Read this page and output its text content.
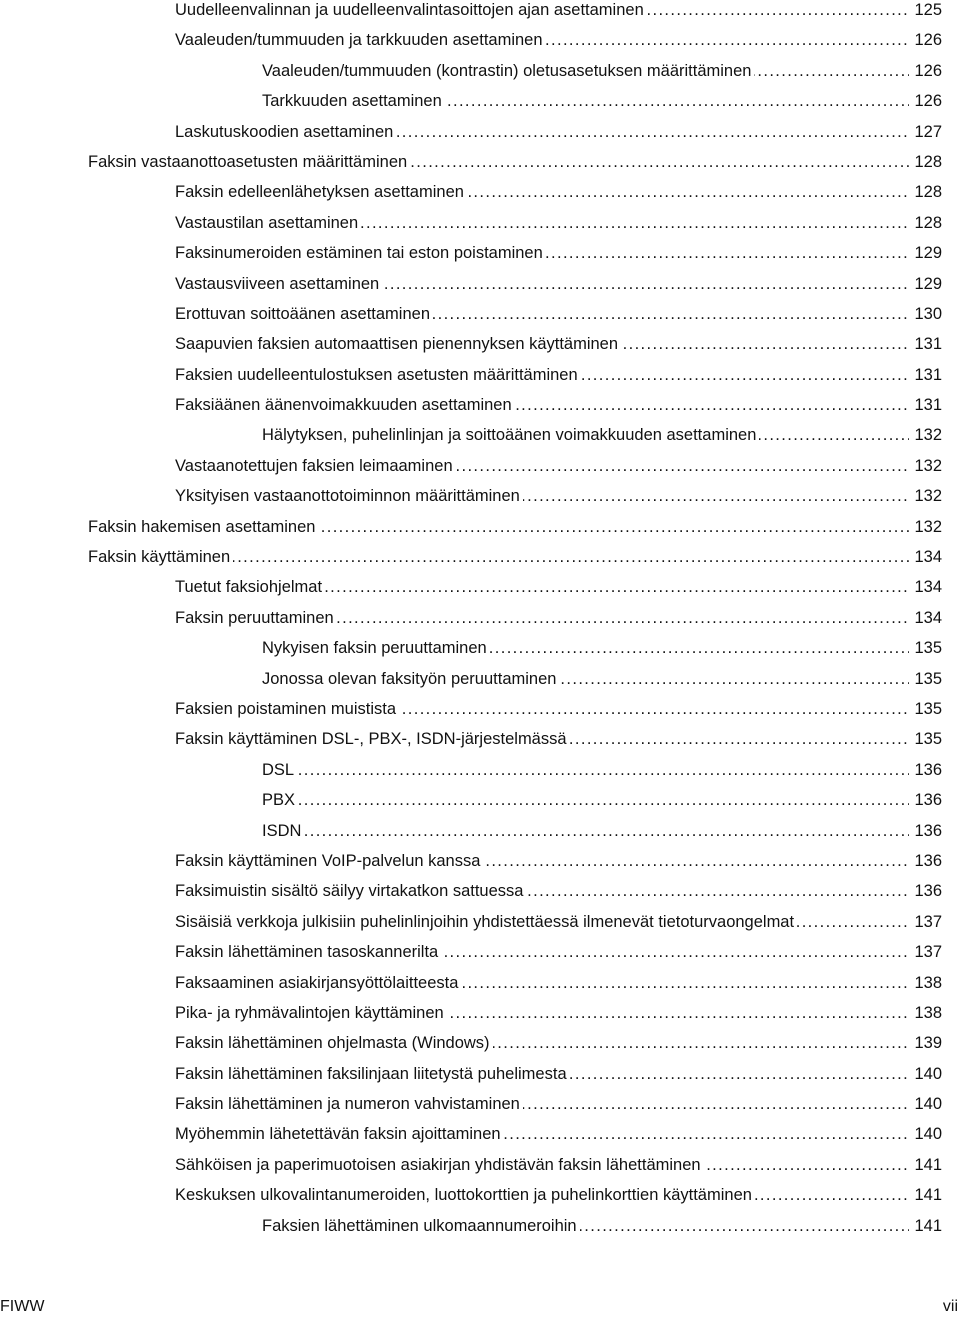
. . .
Uudelleenvalinnan ja uudelleenvalintasoittojen ajan asettaminen	125
. . .
Vaaleuden/tummuuden ja tarkkuuden asettaminen	126
. . .
Vaaleuden/tummuuden (kontrastin) oletusasetuksen määrittäminen	126
. . .
Tarkkuuden asettaminen	126
. . .
Laskutuskoodien asettaminen	127
. . .
Faksin vastaanottoasetusten määrittäminen	128
. . .
Faksin edelleenlähetyksen asettaminen	128
. . .
Vastaustilan asettaminen	128
. . .
Faksinumeroiden estäminen tai eston poistaminen	129
. . .
Vastausviiveen asettaminen	129
. . .
Erottuvan soittoäänen asettaminen	130
. . .
Saapuvien faksien automaattisen pienennyksen käyttäminen	131
. . .
Faksien uudelleentulostuksen asetusten määrittäminen	131
. . .
Faksiäänen äänenvoimakkuuden asettaminen	131
. . .
Hälytyksen, puhelinlinjan ja soittoäänen voimakkuuden asettaminen	132
. . .
Vastaanotettujen faksien leimaaminen	132
. . .
Yksityisen vastaanottotoiminnon määrittäminen	132
. . .
Faksin hakemisen asettaminen	132
. . .
Faksin käyttäminen	134
. . .
Tuetut faksiohjelmat	134
. . .
Faksin peruuttaminen	134
. . .
Nykyisen faksin peruuttaminen	135
. . .
Jonossa olevan faksityön peruuttaminen	135
. . .
Faksien poistaminen muistista	135
. . .
Faksin käyttäminen DSL-, PBX-, ISDN-järjestelmässä	135
. . .
DSL	136
. . .
PBX	136
. . .
ISDN	136
. . .
Faksin käyttäminen VoIP-palvelun kanssa	136
. . .
Faksimuistin sisältö säilyy virtakatkon sattuessa	136
. . .
Sisäisiä verkkoja julkisiin puhelinlinjoihin yhdistettäessä ilmenevät tietoturvaongelmat	137
. . .
Faksin lähettäminen tasoskannerilta	137
. . .
Faksaaminen asiakirjansyöttölaitteesta	138
. . .
Pika- ja ryhmävalintojen käyttäminen	138
. . .
Faksin lähettäminen ohjelmasta (Windows)	139
. . .
Faksin lähettäminen faksilinjaan liitetystä puhelimesta	140
. . .
Faksin lähettäminen ja numeron vahvistaminen	140
. . .
Myöhemmin lähetettävän faksin ajoittaminen	140
. . .
Sähköisen ja paperimuotoisen asiakirjan yhdistävän faksin lähettäminen	141
. . .
Keskuksen ulkovalintanumeroiden, luottokorttien ja puhelinkorttien käyttäminen	141
. . .
Faksien lähettäminen ulkomaannumeroihin	141
FIWW	vii
